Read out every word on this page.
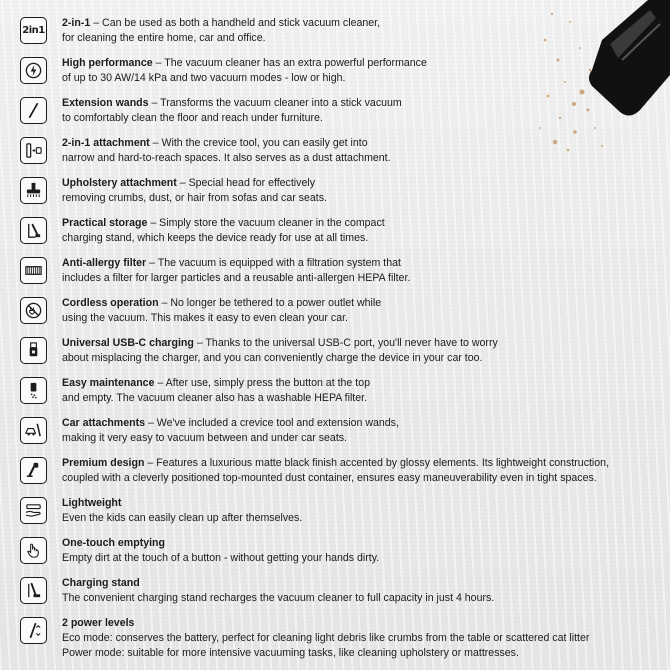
2in1
2-in-1 – Can be used as both a handheld and stick vacuum cleaner,
for cleaning the entire home, car and office.
High performance – The vacuum cleaner has an extra powerful performance
of up to 30 AW/14 kPa and two vacuum modes - low or high.
Extension wands – Transforms the vacuum cleaner into a stick vacuum
to comfortably clean the floor and reach under furniture.
2-in-1 attachment – With the crevice tool, you can easily get into
narrow and hard-to-reach spaces. It also serves as a dust attachment.
Upholstery attachment – Special head for effectively
removing crumbs, dust, or hair from sofas and car seats.
Practical storage – Simply store the vacuum cleaner in the compact
charging stand, which keeps the device ready for use at all times.
Anti-allergy filter – The vacuum is equipped with a filtration system that
includes a filter for larger particles and a reusable anti-allergen HEPA filter.
Cordless operation – No longer be tethered to a power outlet while
using the vacuum. This makes it easy to even clean your car.
Universal USB-C charging – Thanks to the universal USB-C port, you'll never have to worry
about misplacing the charger, and you can conveniently charge the device in your car too.
Easy maintenance – After use, simply press the button at the top
and empty. The vacuum cleaner also has a washable HEPA filter.
Car attachments – We've included a crevice tool and extension wands,
making it very easy to vacuum between and under car seats.
Premium design – Features a luxurious matte black finish accented by glossy elements. Its lightweight construction,
coupled with a cleverly positioned top-mounted dust container, ensures easy maneuverability even in tight spaces.
Lightweight
Even the kids can easily clean up after themselves.
One-touch emptying
Empty dirt at the touch of a button - without getting your hands dirty.
Charging stand
The convenient charging stand recharges the vacuum cleaner to full capacity in just 4 hours.
2 power levels
Eco mode: conserves the battery, perfect for cleaning light debris like crumbs from the table or scattered cat litter
Power mode: suitable for more intensive vacuuming tasks, like cleaning upholstery or mattresses.
